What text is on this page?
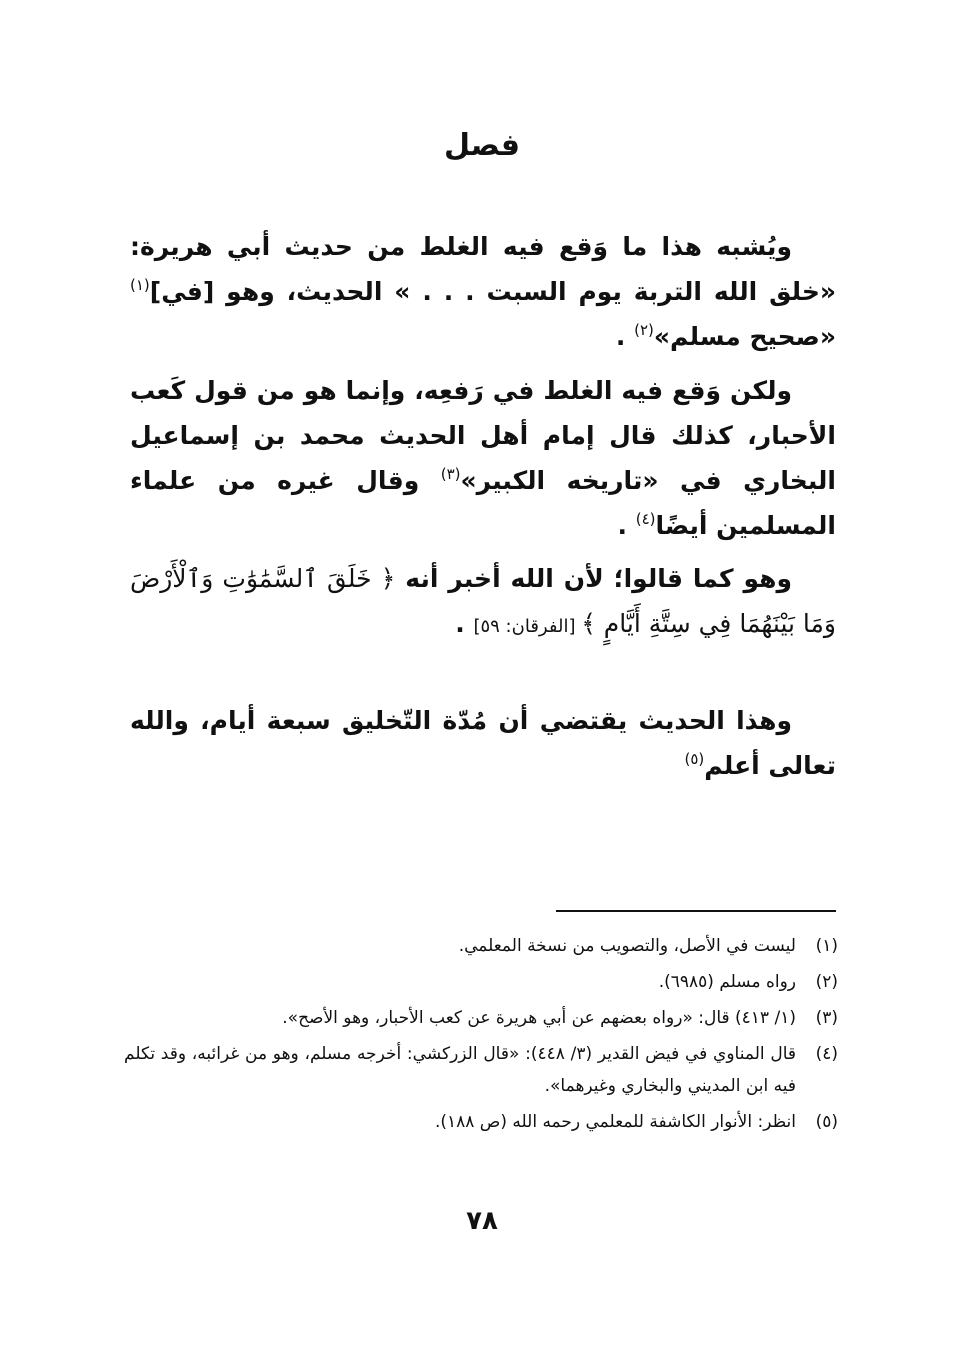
فصل
ويُشبه هذا ما وَقع فيه الغلط من حديث أبي هريرة: «خلق الله التربة يوم السبت . . . » الحديث، وهو [في]$^{(١)}$ «صحيح مسلم»$^{(٢)}$ .
ولكن وَقع فيه الغلط في رَفعِه، وإنما هو من قول كَعب الأحبار، كذلك قال إمام أهل الحديث محمد بن إسماعيل البخاري في «تاريخه الكبير»$^{(٣)}$ وقال غيره من علماء المسلمين أيضًا$^{(٤)}$ .
وهو كما قالوا؛ لأن الله أخبر أنه ﴿ خَلَقَ ٱلسَّمَٰوَٰتِ وَٱلْأَرْضَ وَمَا بَيْنَهُمَا فِي سِتَّةِ أَيَّامٍ ﴾ [الفرقان: ٥٩] .
وهذا الحديث يقتضي أن مُدّة التّخليق سبعة أيام، والله تعالى أعلم$^{(٥)}$
(١)
ليست في الأصل، والتصويب من نسخة المعلمي.
(٢)
رواه مسلم (٦٩٨٥).
(٣)
(١/ ٤١٣) قال: «رواه بعضهم عن أبي هريرة عن كعب الأحبار، وهو الأصح».
(٤)
قال المناوي في فيض القدير (٣/ ٤٤٨): «قال الزركشي: أخرجه مسلم، وهو من غرائبه، وقد تكلم فيه ابن المديني والبخاري وغيرهما».
(٥)
انظر: الأنوار الكاشفة للمعلمي رحمه الله (ص ١٨٨).
٧٨
